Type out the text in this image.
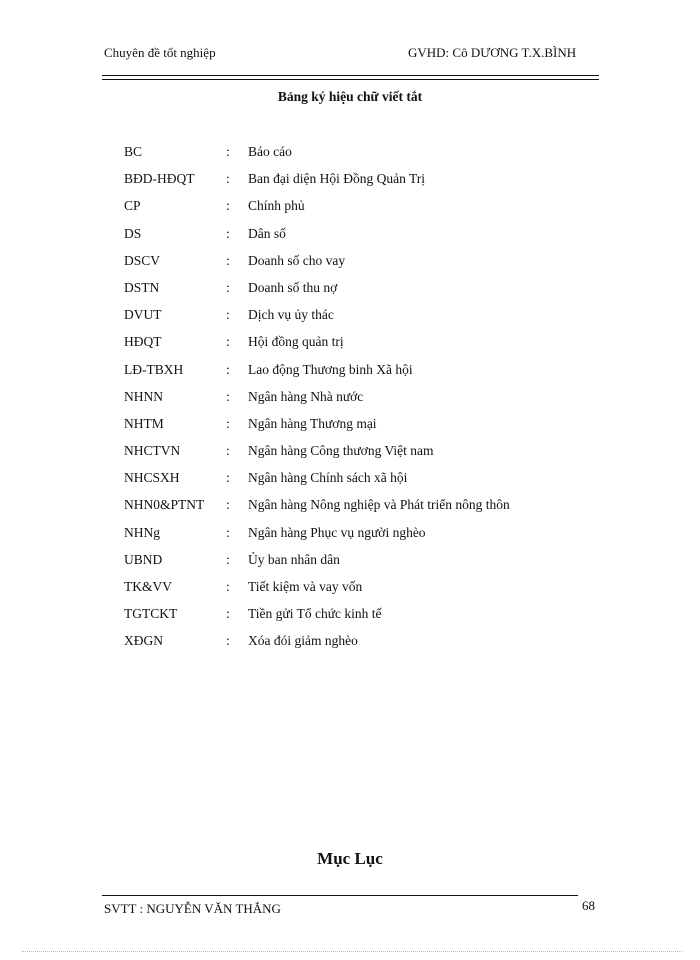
Chuyên đề tốt nghiệp	GVHD: Cô DƯƠNG T.X.BÌNH
Bảng ký hiệu chữ viết tắt
BC	: Báo cáo
BĐD-HĐQT : Ban đại diện Hội Đồng Quản Trị
CP	: Chính phủ
DS	: Dân số
DSCV	: Doanh số cho vay
DSTN	: Doanh số thu nợ
DVUT	: Dịch vụ ủy thác
HĐQT	: Hội đồng quản trị
LĐ-TBXH	: Lao động Thương binh Xã hội
NHNN	: Ngân hàng Nhà nước
NHTM	: Ngân hàng Thương mại
NHCTVN	: Ngân hàng Công thương Việt nam
NHCSXH	: Ngân hàng Chính sách xã hội
NHN0&PTNT : Ngân hàng Nông nghiệp và Phát triển nông thôn
NHNg	: Ngân hàng Phục vụ người nghèo
UBND	: Ủy ban nhân dân
TK&VV	: Tiết kiệm và vay vốn
TGTCKT	: Tiền gửi Tổ chức kinh tế
XĐGN	: Xóa đói giảm nghèo
Mục Lục
SVTT : NGUYỄN VĂN THẮNG	68
